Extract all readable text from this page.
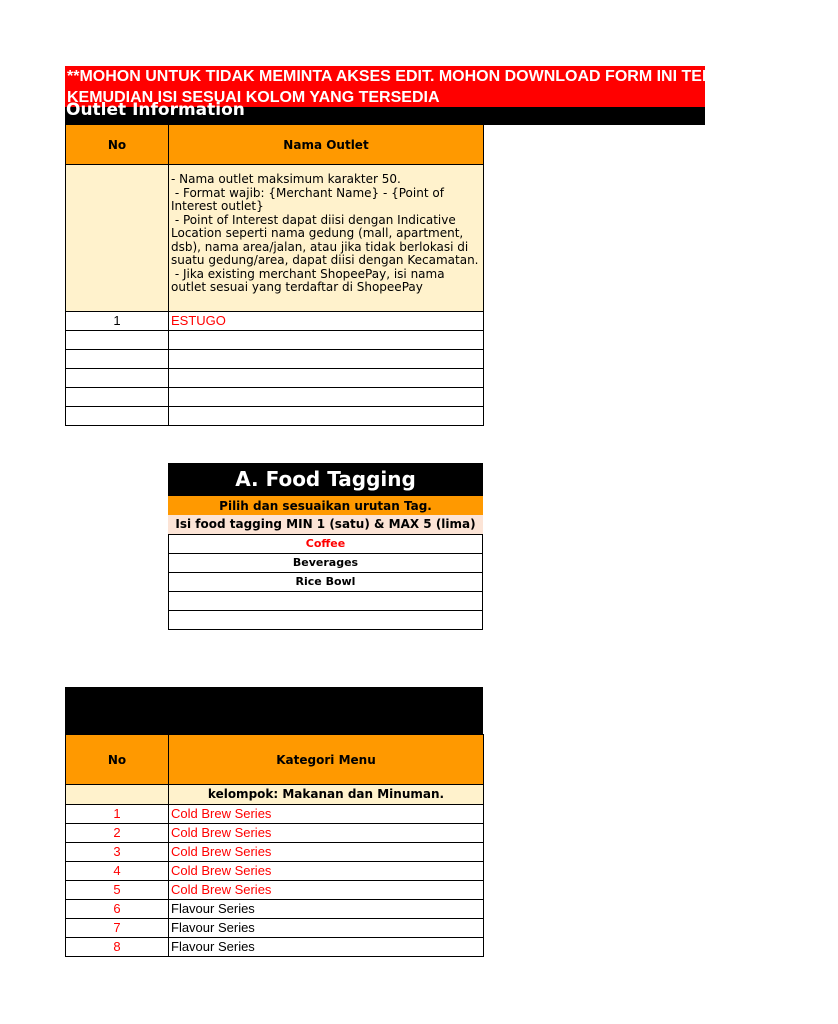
**MOHON UNTUK TIDAK MEMINTA AKSES EDIT. MOHON DOWNLOAD FORM INI TERLEBIH DAHULU,
KEMUDIAN ISI SESUAI KOLOM YANG TERSEDIA
Outlet Information
No	Nama Outlet

	- Nama outlet maksimum karakter 50.
- Format wajib: {Merchant Name} - {Point of Interest outlet}
- Point of Interest dapat diisi dengan Indicative Location seperti nama gedung (mall, apartment, dsb), nama area/jalan, atau jika tidak berlokasi di suatu gedung/area, dapat diisi dengan Kecamatan.
- Jika existing merchant ShopeePay, isi nama outlet sesuai yang terdaftar di ShopeePay

1	ESTUGO

A. Food Tagging
Pilih dan sesuaikan urutan Tag.
Isi food tagging MIN 1 (satu) & MAX 5 (lima)
Coffee
Beverages
Rice Bowl

No	Kategori Menu
	kelompok: Makanan dan Minuman.
1	Cold Brew Series
2	Cold Brew Series
3	Cold Brew Series
4	Cold Brew Series
5	Cold Brew Series
6	Flavour Series
7	Flavour Series
8	Flavour Series
